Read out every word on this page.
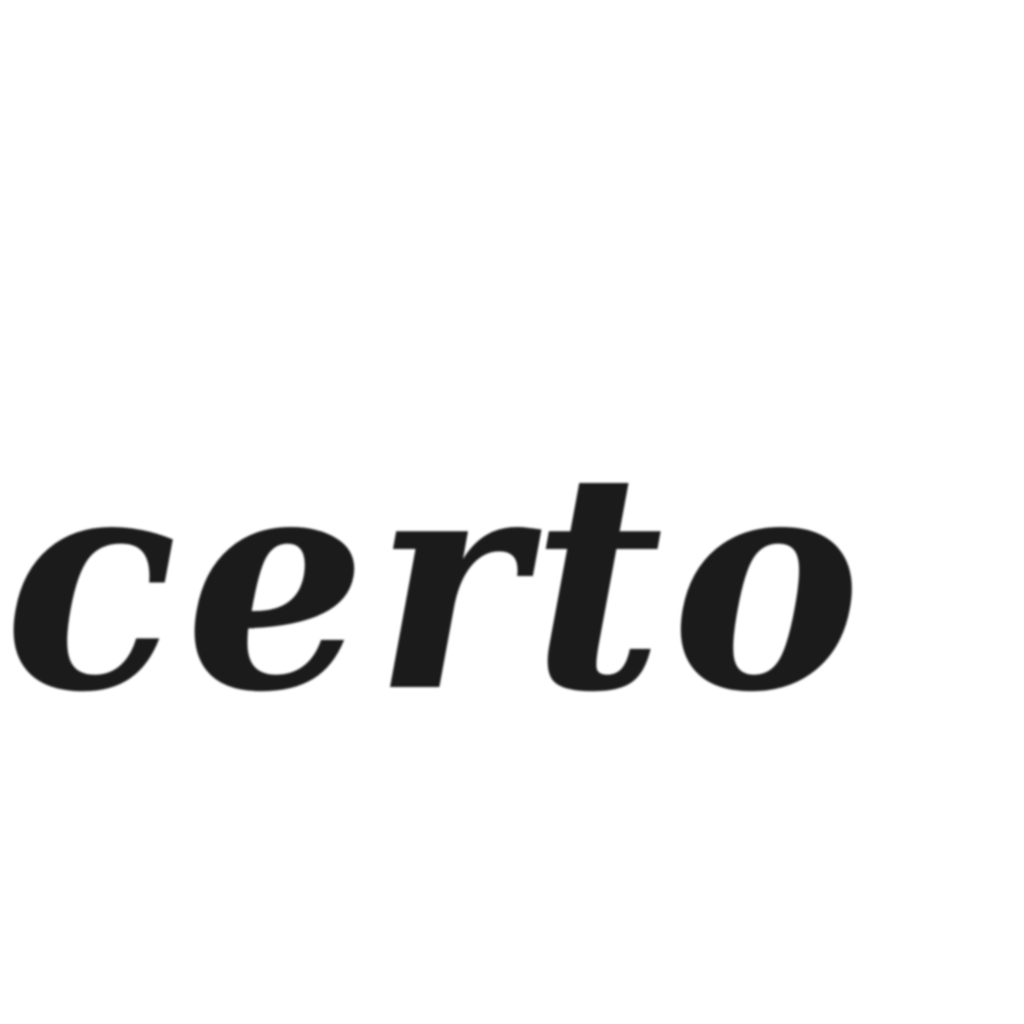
certo
